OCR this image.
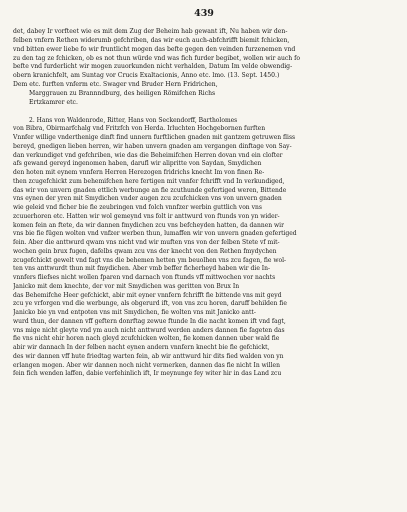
439
det, dabey Ir vorfteet wie es mit dem Zug der Beheim hab gewant ift, Nu haben wir den-
felben vnfern Rethen widerumb gefchriben, das wir euch auch-abfchrifft biemit fchicken,
vnd bitten ewer liebe fo wir fruntlicht mogen das befte gegen den veinden furzenemen vnd
zu den tag ze fchicken, ob es not thun würde vnd was fich furder begibet, wollen wir auch fo
befte vnd furderlicht wir mogen zuuorkunden nicht verhalden, Datum Im velde obwendig-
obern kranichfelt, am Suntag vor Crucis Exaltacionis, Anno etc. lmo. (13. Sept. 1450.)
Dem etc. furften vnferm etc. Swager vnd Bruder Hern Fridrichen,
Marggrauen zu Brannndburg, des heiligen Römifchen Richs
Ertzkamrer etc.
2. Hans von Waldenrode, Ritter, Hans von Seckendorff, Bartholomes
von Bibra, Obirmarfchalg vnd Fritzfch von Herda. Irluchten Hochgebornen furften
Vnnfer willige vnderthenige dinft find unnern furftlichen gnaden mit gantzem getruwen fliss
bereyd, gnedigen lieben herren, wir haben unvern gnaden am vergangen dinftage von Say-
dan verkundiget vnd gefchriben, wie das die Beheimifchen Herren dovan vnd ein clofter
afs gewand gereyd ingenomen haben, darufl wir alipritte von Saydan, Smydichen
den hoten mit eynem vnnfern Herren Herezogen fridrichs knecht Im von finen Re-
then zcugefchickt zum behemifchen here fertigen mit vnnfer fchrifft vnd In verkundiged,
das wir von unvern gnaden ettlich werbunge an fie zcuthunde gefertiged weren, Bittende
vns eynen der yren mit Smydichen vnder augen zcu zcufchicken vns von unvern gnaden
wie geleid vnd ficher bie fie zeubringen vnd folch vnnfzer werbin guttlich von vns
zcuuerhoren etc. Hatten wir wol gemeynd vns folt ir anttwurd von ftunds von yn wider-
komen fein an ftete, da wir dannen fmydichen zcu vns befcheyden hatten, da dannen wir
vns bie fie fügen wolten vnd vnfzer werben thun, lumaffen wir von unvern gnaden gefertiged
fein. Aber die anttwurd qwam vns nicht vnd wir muften vns von der felben Stete vf mit-
wochen gein brux fugen, dafelbs qwam zcu vns der knecht von den Rethen fmydychen
zcugefchickt gewelt vnd fagt vns die behemen hetten ym beuolhen vns zcu fagen, fie wol-
ten vns anttwurdt thun mit fmydichen. Aber vmb beffer ficherheyd haben wir die In-
vnnfers fliefses nicht wollen fparen vnd darnach von ftunds vff mittwochen vor nachts
Janicko mit dem knechte, der vor mit Smydichen was geritten von Brux In
das Behemifche Heer gefchickt, abir mit eyner vnnfern fchrifft fie bittende vns mit geyd
zcu ye vrforgen vnd die werbunge, als obgerurd ift, von vns zcu horen, daruff behilden fie
Janicko bie yn vnd entpoten vns mit Smydichen, fie wolten vns mit Janicko antt-
wurd thun, der dannen vff geftern donrftag zewue ftunde In die nacht komen ift vnd fagt,
vns mige nicht gleyte vnd ym auch nicht anttwurd werden anders dannen fie fageten das
fie vns nicht ehir horen nach gleyd zcufchicken wolten, fie komen dannen uber wald fie
abir wir dannach In der felben nacht eynen andern vnnfern knecht bie fie gefchickt,
des wir dannen vff hute friedtag warten fein, ab wir anttwurd hir dits fied walden von yn
erlangen mogen. Aber wir dannen noch nicht vermerken, dannen das fie nicht In willen
fein fich wenden laffen, dabie verfehinlich ift, Ir meynunge fey witer hir in das Land zcu
